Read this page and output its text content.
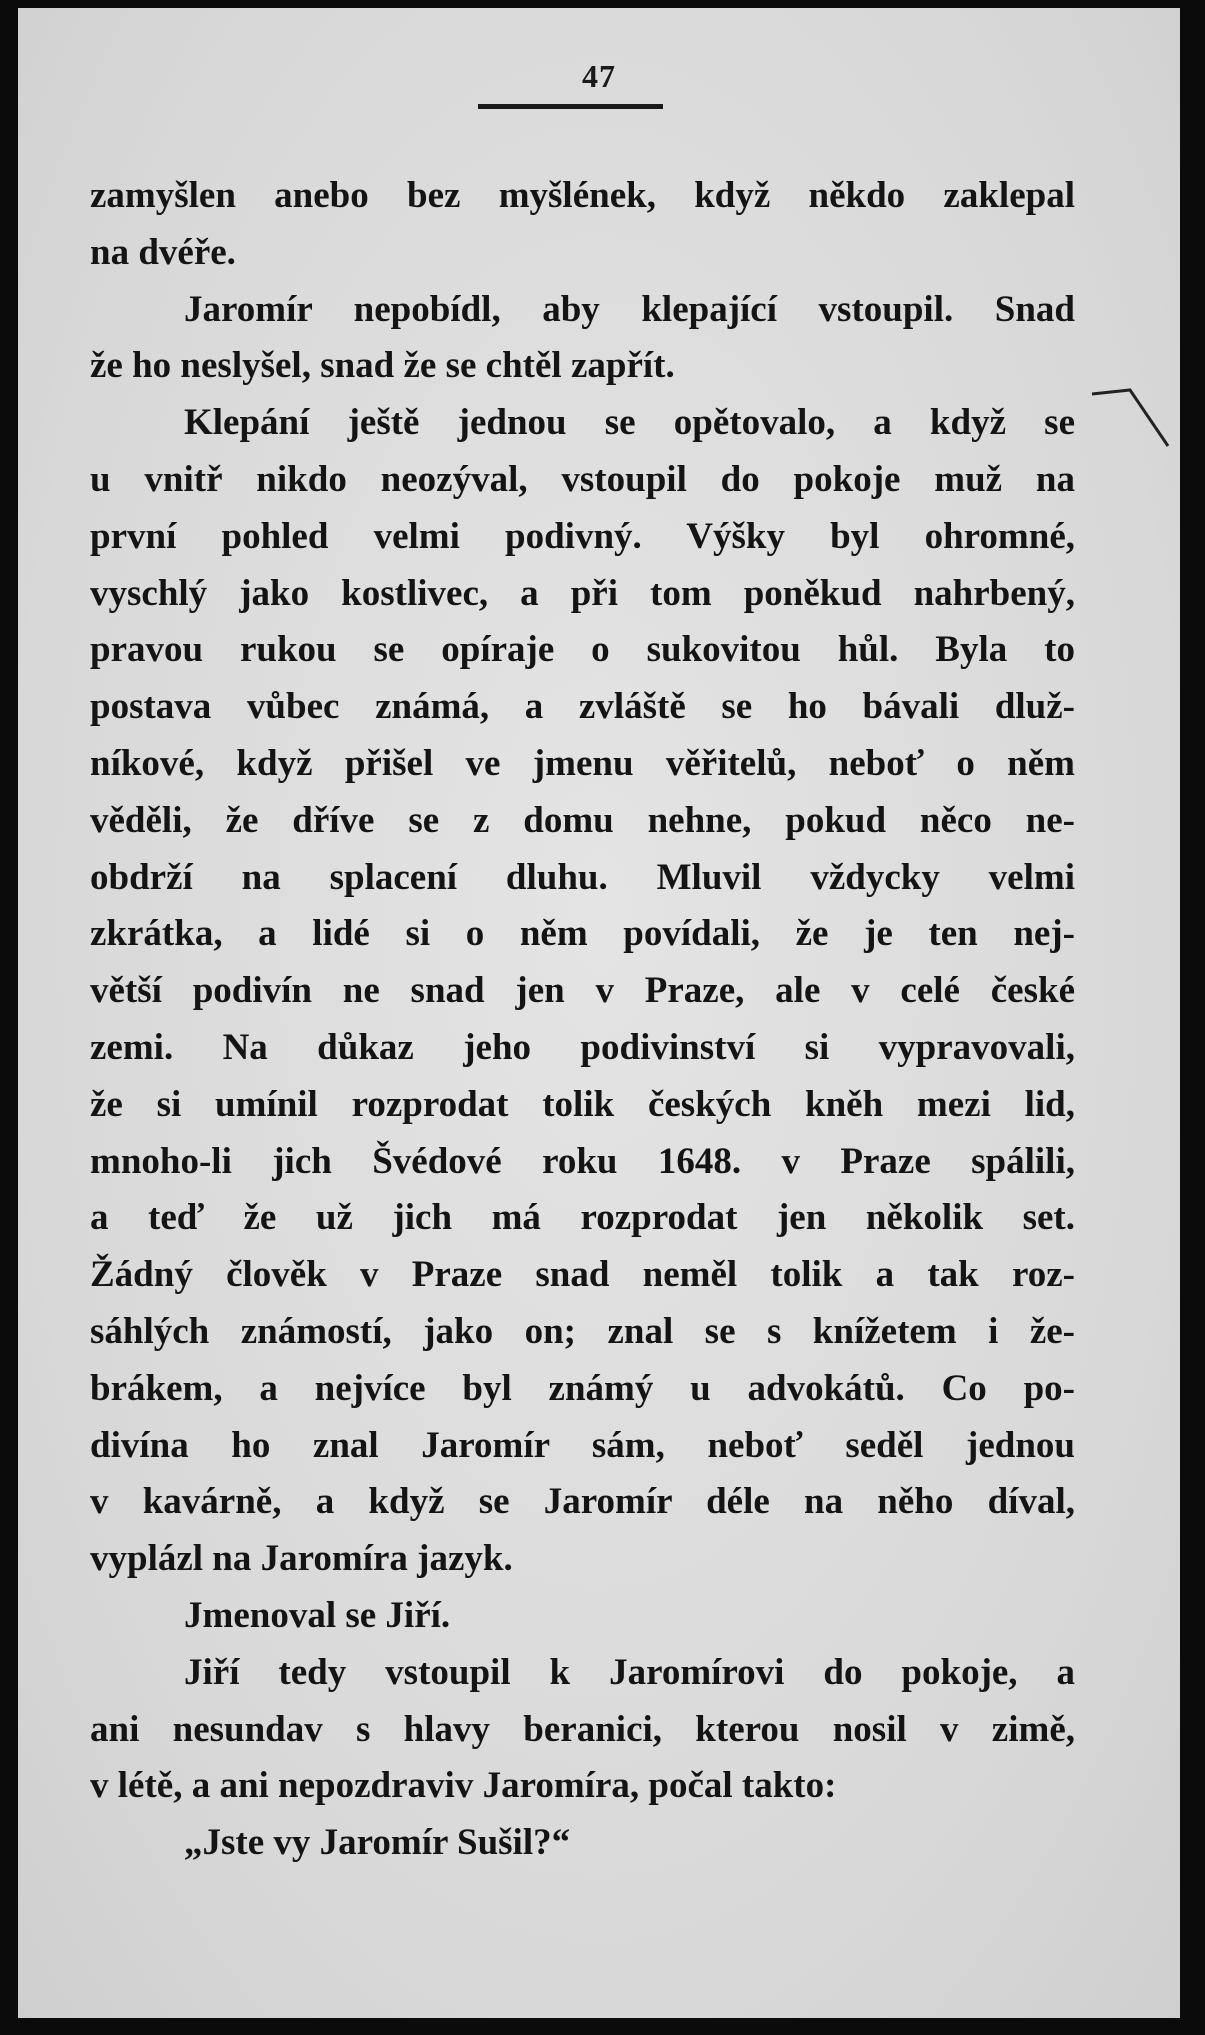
47
zamyšlen anebo bez myšlének, když někdo zaklepal
na dvéře.
Jaromír nepobídl, aby klepající vstoupil. Snad
že ho neslyšel, snad že se chtěl zapřít.
Klepání ještě jednou se opětovalo, a když se
u vnitř nikdo neozýval, vstoupil do pokoje muž na
první pohled velmi podivný. Výšky byl ohromné,
vyschlý jako kostlivec, a při tom poněkud nahrbený,
pravou rukou se opíraje o sukovitou hůl. Byla to
postava vůbec známá, a zvláště se ho bávali dluž-
níkové, když přišel ve jmenu věřitelů, neboť o něm
věděli, že dříve se z domu nehne, pokud něco ne-
obdrží na splacení dluhu. Mluvil vždycky velmi
zkrátka, a lidé si o něm povídali, že je ten nej-
větší podivín ne snad jen v Praze, ale v celé české
zemi. Na důkaz jeho podivinství si vypravovali,
že si umínil rozprodat tolik českých kněh mezi lid,
mnoho-li jich Švédové roku 1648. v Praze spálili,
a teď že už jich má rozprodat jen několik set.
Žádný člověk v Praze snad neměl tolik a tak roz-
sáhlých známostí, jako on; znal se s knížetem i že-
brákem, a nejvíce byl známý u advokátů. Co po-
divína ho znal Jaromír sám, neboť seděl jednou
v kavárně, a když se Jaromír déle na něho díval,
vyplázl na Jaromíra jazyk.
Jmenoval se Jiří.
Jiří tedy vstoupil k Jaromírovi do pokoje, a
ani nesundav s hlavy beranici, kterou nosil v zimě,
v létě, a ani nepozdraviv Jaromíra, počal takto:
„Jste vy Jaromír Sušil?“
